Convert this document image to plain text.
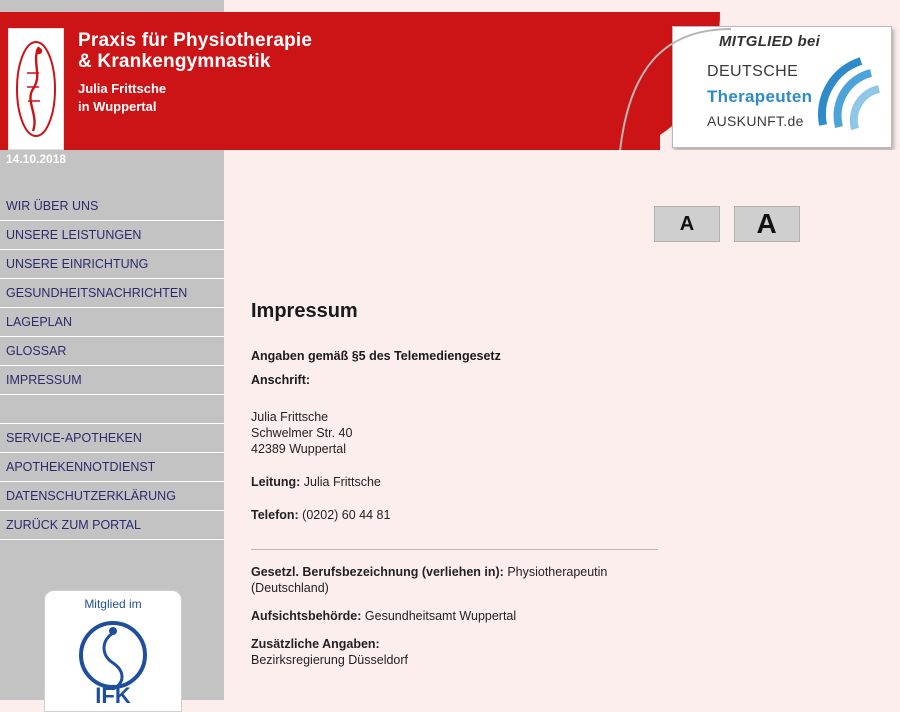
Praxis für Physiotherapie
& Krankengymnastik
Julia Frittsche
in Wuppertal
MITGLIED bei
DEUTSCHE
Therapeuten
AUSKUNFT.de
14.10.2018
WIR ÜBER UNS
UNSERE LEISTUNGEN
UNSERE EINRICHTUNG
GESUNDHEITSNACHRICHTEN
LAGEPLAN
GLOSSAR
IMPRESSUM
SERVICE-APOTHEKEN
APOTHEKENNOTDIENST
DATENSCHUTZERKLÄRUNG
ZURÜCK ZUM PORTAL
Mitglied im
IFK
A A
Impressum
Angaben gemäß §5 des Telemediengesetz
Anschrift:

Julia Frittsche

Schwelmer Str. 40

42389 Wuppertal

Leitung: Julia Frittsche

Telefon: (0202) 60 44 81

Gesetzl. Berufsbezeichnung (verliehen in): Physiotherapeutin (Deutschland)

Aufsichtsbehörde: Gesundheitsamt Wuppertal

Zusätzliche Angaben:

Bezirksregierung Düsseldorf
